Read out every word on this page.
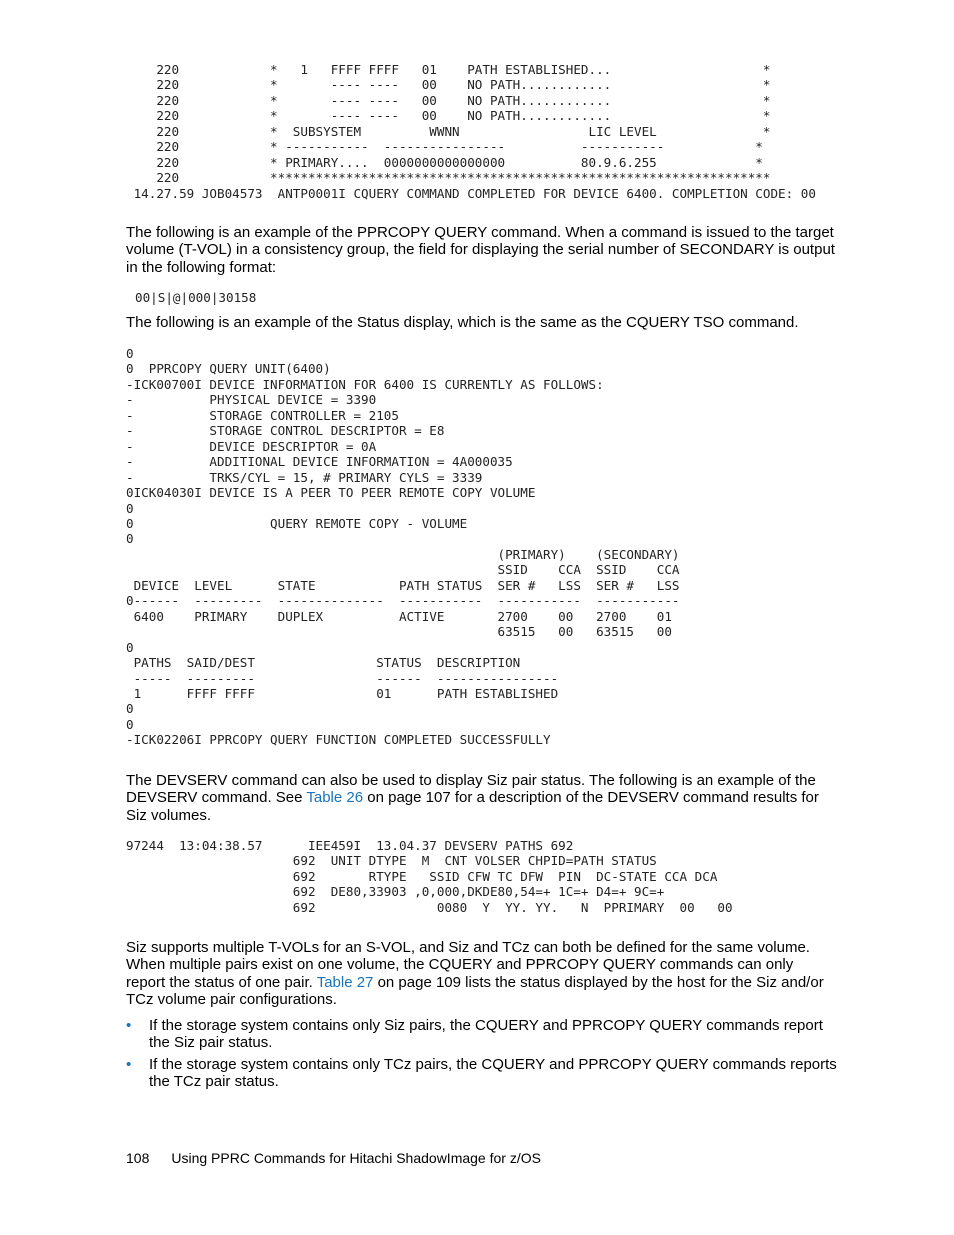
220            *   1   FFFF FFFF   01    PATH ESTABLISHED...                    *
220            *       ---- ----   00    NO PATH............                    *
220            *       ---- ----   00    NO PATH............                    *
220            *       ---- ----   00    NO PATH............                    *
220            *  SUBSYSTEM         WWNN                 LIC LEVEL              *
220            * -----------  ----------------          -----------            *
220            * PRIMARY....  0000000000000000          80.9.6.255             *
220            ******************************************************************
14.27.59 JOB04573  ANTP0001I CQUERY COMMAND COMPLETED FOR DEVICE 6400. COMPLETION CODE: 00

The following is an example of the PPRCOPY QUERY command. When a command is issued to the target volume (T-VOL) in a consistency group, the field for displaying the serial number of SECONDARY is output in the following format:

00|S|@|000|30158

The following is an example of the Status display, which is the same as the CQUERY TSO command.

0
0  PPRCOPY QUERY UNIT(6400)
-ICK00700I DEVICE INFORMATION FOR 6400 IS CURRENTLY AS FOLLOWS:
-          PHYSICAL DEVICE = 3390
-          STORAGE CONTROLLER = 2105
-          STORAGE CONTROL DESCRIPTOR = E8
-          DEVICE DESCRIPTOR = 0A
-          ADDITIONAL DEVICE INFORMATION = 4A000035
-          TRKS/CYL = 15, # PRIMARY CYLS = 3339
0ICK04030I DEVICE IS A PEER TO PEER REMOTE COPY VOLUME
0
0                  QUERY REMOTE COPY - VOLUME
0
(PRIMARY)    (SECONDARY)
SSID    CCA  SSID    CCA
DEVICE  LEVEL      STATE           PATH STATUS  SER #   LSS  SER #   LSS
0------  ---------  --------------  -----------  -----------  -----------
6400    PRIMARY    DUPLEX          ACTIVE       2700    00   2700    01
63515   00   63515   00
0
PATHS  SAID/DEST                STATUS  DESCRIPTION
-----  ---------                ------  ----------------
1      FFFF FFFF                01      PATH ESTABLISHED
0
0
-ICK02206I PPRCOPY QUERY FUNCTION COMPLETED SUCCESSFULLY

The DEVSERV command can also be used to display Siz pair status. The following is an example of the DEVSERV command. See Table 26 on page 107 for a description of the DEVSERV command results for Siz volumes.

97244  13:04:38.57      IEE459I  13.04.37 DEVSERV PATHS 692
692  UNIT DTYPE  M  CNT VOLSER CHPID=PATH STATUS
692       RTYPE   SSID CFW TC DFW  PIN  DC-STATE CCA DCA
692  DE80,33903 ,0,000,DKDE80,54=+ 1C=+ D4=+ 9C=+
692                0080  Y  YY. YY.   N  PPRIMARY  00   00

Siz supports multiple T-VOLs for an S-VOL, and Siz and TCz can both be defined for the same volume. When multiple pairs exist on one volume, the CQUERY and PPRCOPY QUERY commands can only report the status of one pair. Table 27 on page 109 lists the status displayed by the host for the Siz and/or TCz volume pair configurations.

• If the storage system contains only Siz pairs, the CQUERY and PPRCOPY QUERY commands report the Siz pair status.
• If the storage system contains only TCz pairs, the CQUERY and PPRCOPY QUERY commands reports the TCz pair status.
108 Using PPRC Commands for Hitachi ShadowImage for z/OS
